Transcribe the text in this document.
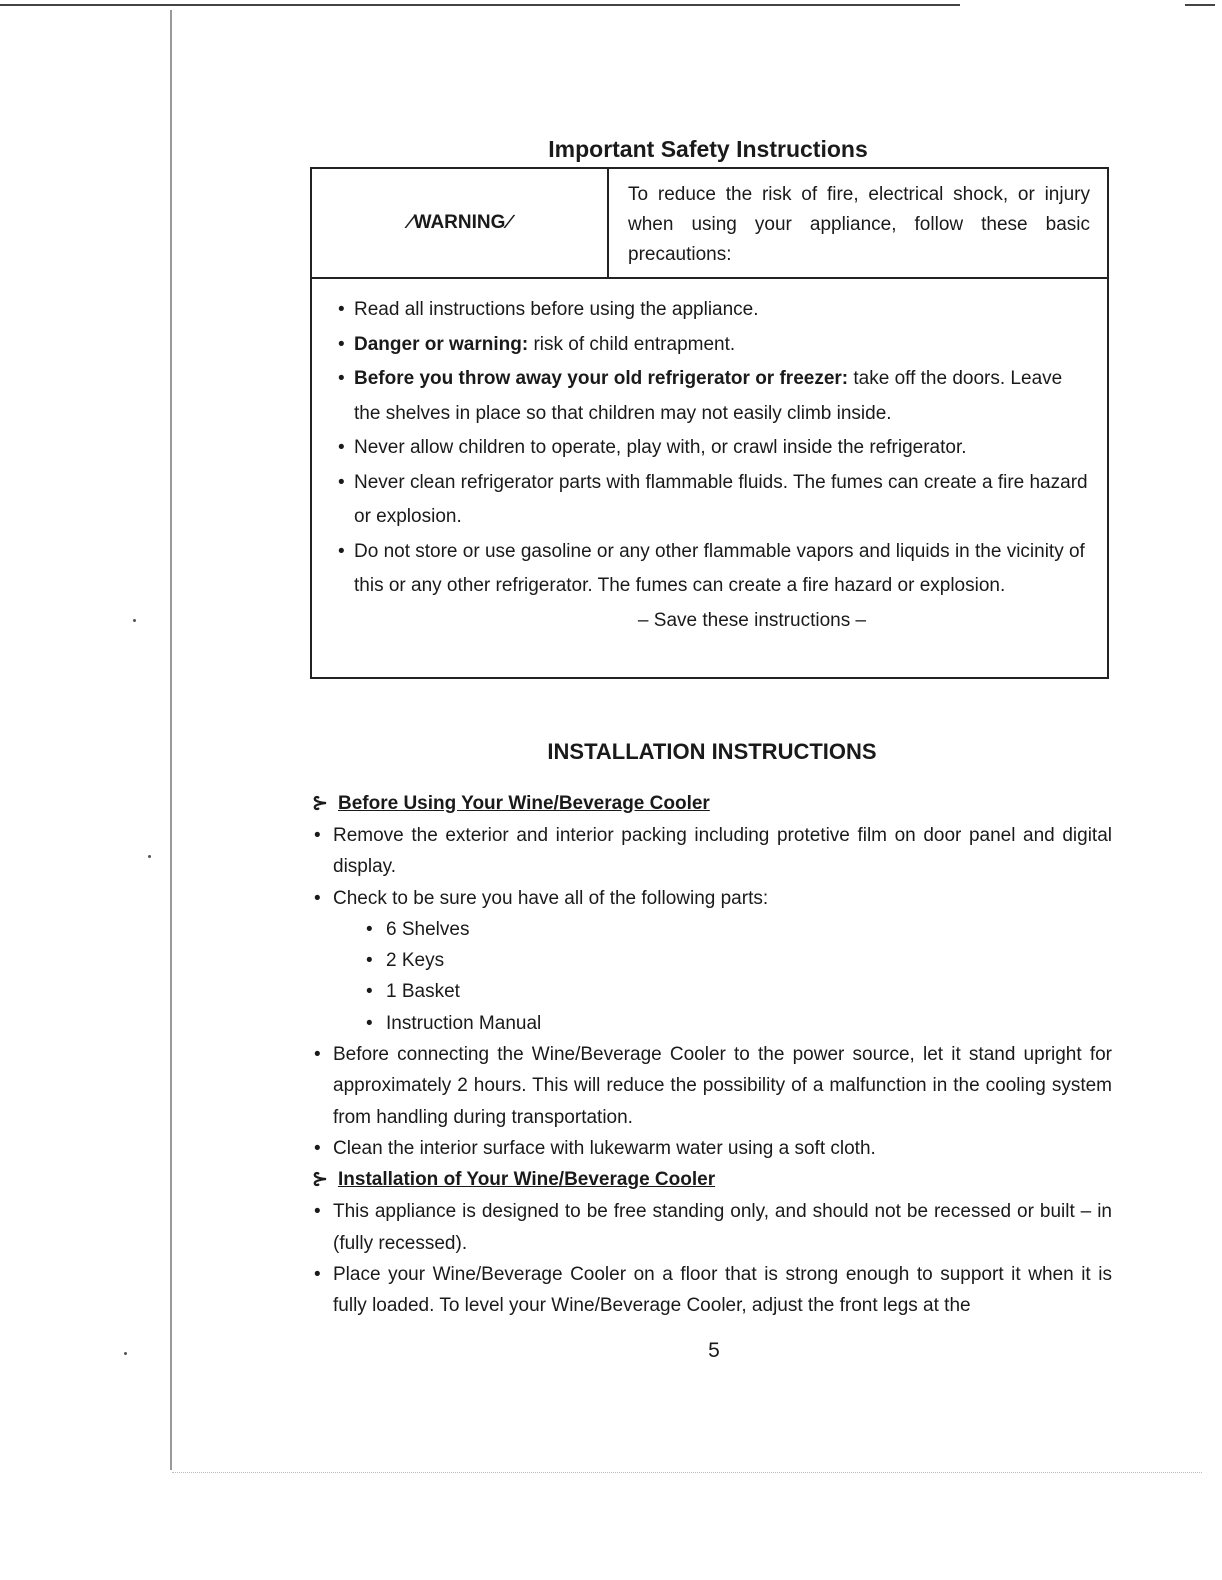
Important Safety Instructions
∕ WARNING ∕
To reduce the risk of fire, electrical shock, or injury when using your appliance, follow these basic precautions:
• Read all instructions before using the appliance.
• Danger or warning: risk of child entrapment.
• Before you throw away your old refrigerator or freezer: take off the doors. Leave the shelves in place so that children may not easily climb inside.
• Never allow children to operate, play with, or crawl inside the refrigerator.
• Never clean refrigerator parts with flammable fluids. The fumes can create a fire hazard or explosion.
• Do not store or use gasoline or any other flammable vapors and liquids in the vicinity of this or any other refrigerator. The fumes can create a fire hazard or explosion.
– Save these instructions –
INSTALLATION INSTRUCTIONS
⊱ Before Using Your Wine/Beverage Cooler
• Remove the exterior and interior packing including protetive film on door panel and digital display.
• Check to be sure you have all of the following parts:
• 6 Shelves
• 2 Keys
• 1 Basket
• Instruction Manual
• Before connecting the Wine/Beverage Cooler to the power source, let it stand upright for approximately 2 hours. This will reduce the possibility of a malfunction in the cooling system from handling during transportation.
• Clean the interior surface with lukewarm water using a soft cloth.
⊱ Installation of Your Wine/Beverage Cooler
• This appliance is designed to be free standing only, and should not be recessed or built – in (fully recessed).
• Place your Wine/Beverage Cooler on a floor that is strong enough to support it when it is fully loaded. To level your Wine/Beverage Cooler, adjust the front legs at the
5
